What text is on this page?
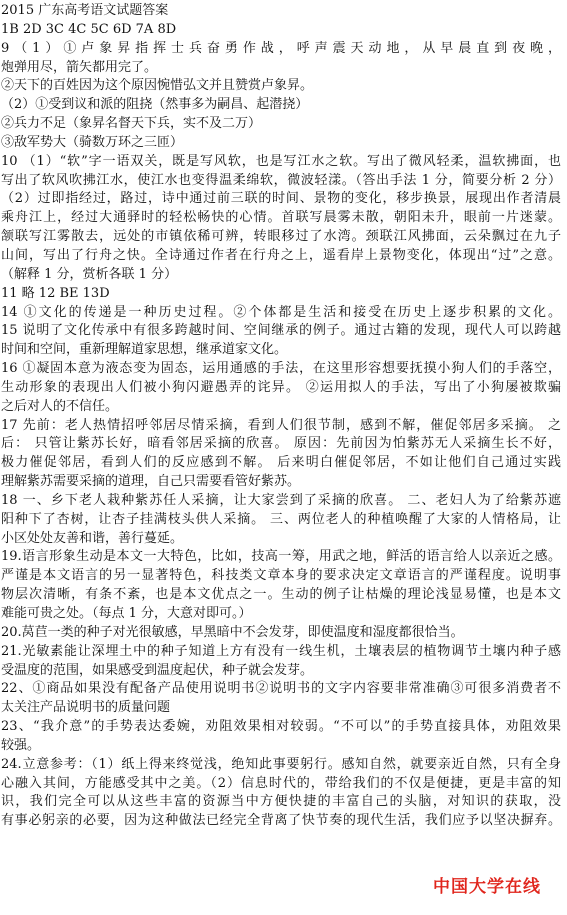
2015 广东高考语文试题答案
1B 2D 3C 4C 5C 6D 7A 8D
9（1）①卢象昇指挥士兵奋勇作战，呼声震天动地，从早晨直到夜晚，
炮弹用尽，箭矢都用完了。
②天下的百姓因为这个原因惋惜弘文并且赞赏卢象昇。
（2）①受到议和派的阻挠（然事多为嗣昌、起潜挠）
②兵力不足（象昇名督天下兵，实不及二万）
③敌军势大（骑数万环之三匝）
10 （1）“软”字一语双关，既是写风软，也是写江水之软。写出了微风轻柔，温软拂面，也
写出了软风吹拂江水，使江水也变得温柔绵软，微波轻漾。（答出手法 1 分，简要分析 2 分）
（2）过即指经过，路过，诗中通过前三联的时间、景物的变化，移步换景，展现出作者清晨
乘舟江上，经过大通驿时的轻松畅快的心情。首联写晨雾未散，朝阳未升，眼前一片迷蒙。
颔联写江雾散去，远处的市镇依稀可辨，转眼移过了水湾。颈联江风拂面，云朵飘过在九子
山间，写出了行舟之快。全诗通过作者在行舟之上，遥看岸上景物变化，体现出“过”之意。
（解释 1 分，赏析各联 1 分）
11 略 12 BE 13D
14 ①文化的传递是一种历史过程。②个体都是生活和接受在历史上逐步积累的文化。
15 说明了文化传承中有很多跨越时间、空间继承的例子。通过古籍的发现，现代人可以跨越
时间和空间，重新理解道家思想，继承道家文化。
16 ①凝固本意为液态变为固态，运用通感的手法，在这里形容想要抚摸小狗人们的手落空，
生动形象的表现出人们被小狗闪避愚弄的诧异。 ②运用拟人的手法，写出了小狗屡被欺骗
之后对人的不信任。
17 先前：老人热情招呼邻居尽情采摘，看到人们很节制，感到不解，催促邻居多采摘。 之
后： 只管让紫苏长好，暗看邻居采摘的欣喜。 原因：先前因为怕紫苏无人采摘生长不好，
极力催促邻居，看到人们的反应感到不解。 后来明白催促邻居，不如让他们自己通过实践
理解紫苏需要采摘的道理，自己只需要看管好紫苏。
18 一、乡下老人栽种紫苏任人采摘，让大家尝到了采摘的欣喜。 二、老妇人为了给紫苏遮
阳种下了杏树，让杏子挂满枝头供人采摘。 三、两位老人的种植唤醒了大家的人情格局，让
小区处处友善和谐，善行蔓延。
19.语言形象生动是本文一大特色，比如，技高一筹，用武之地，鲜活的语言给人以亲近之感。
严谨是本文语言的另一显著特色，科技类文章本身的要求决定文章语言的严谨程度。说明事
物层次清晰，有条不紊，也是本文优点之一。生动的例子让枯燥的理论浅显易懂，也是本文
难能可贵之处。（每点 1 分，大意对即可。）
20.莴苣一类的种子对光很敏感，早黑暗中不会发芽，即使温度和湿度都很恰当。
21.光敏素能让深埋土中的种子知道上方有没有一线生机，土壤表层的植物调节土壤内种子感
受温度的范围，如果感受到温度起伏，种子就会发芽。
22、①商品如果没有配备产品使用说明书②说明书的文字内容要非常准确③可很多消费者不
太关注产品说明书的质量问题
23、“我介意”的手势表达委婉，劝阻效果相对较弱。“不可以”的手势直接具体，劝阻效果
较强。
24.立意参考：（1）纸上得来终觉浅，绝知此事要躬行。感知自然，就要亲近自然，只有全身
心融入其间，方能感受其中之美。（2）信息时代的，带给我们的不仅是便捷，更是丰富的知
识，我们完全可以从这些丰富的资源当中方便快捷的丰富自己的头脑，对知识的获取，没
有事必躬亲的必要，因为这种做法已经完全背离了快节奏的现代生活，我们应予以坚决摒弃。
中国大学在线
